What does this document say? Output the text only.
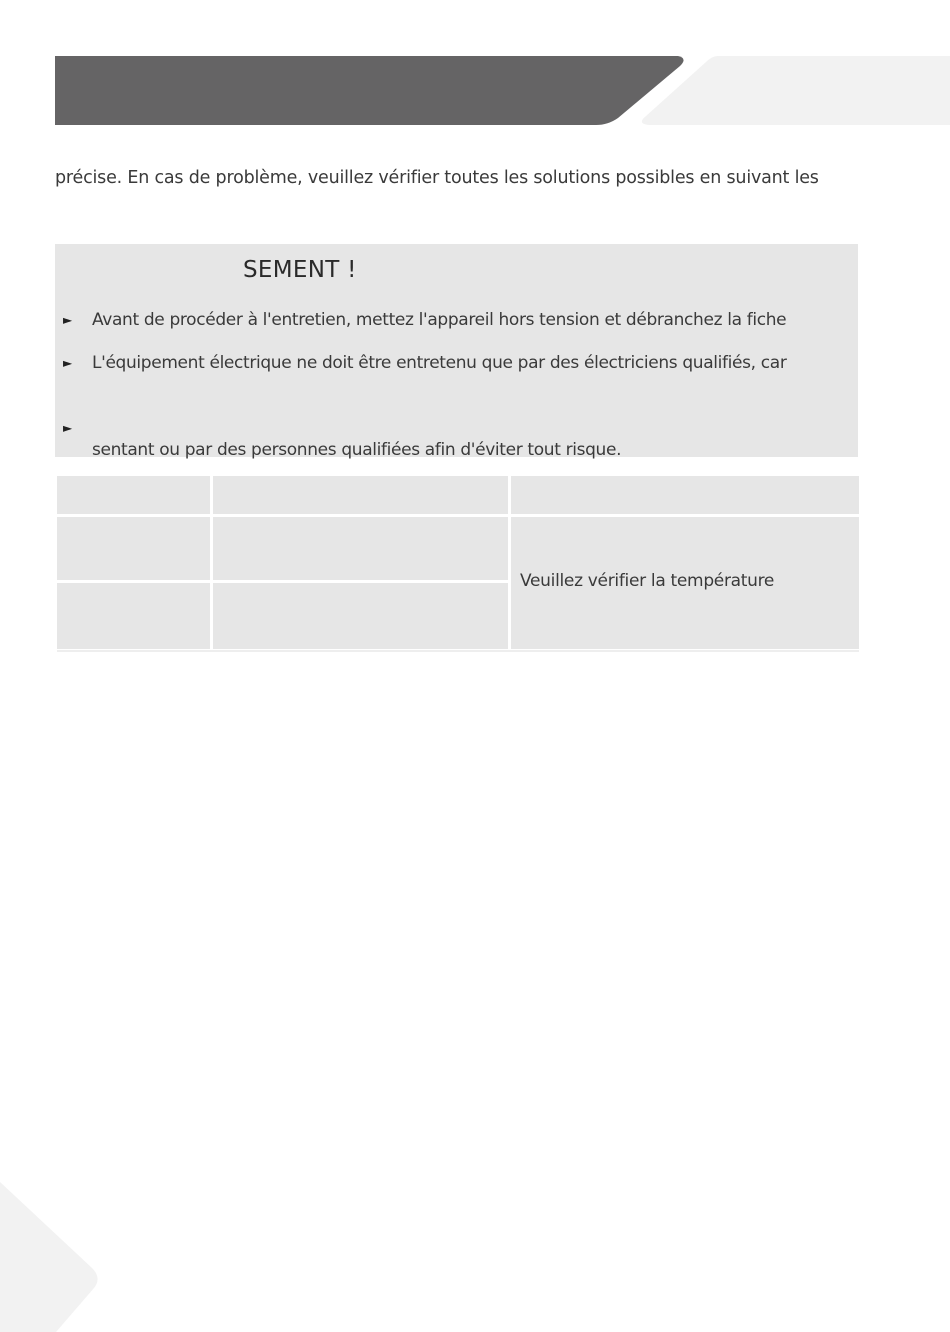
précise. En cas de problème, veuillez vérifier toutes les solutions possibles en suivant les
SEMENT !
► Avant de procéder à l'entretien, mettez l'appareil hors tension et débranchez la fiche
► L'équipement électrique ne doit être entretenu que par des électriciens qualifiés, car
►
sentant ou par des personnes qualifiées afin d'éviter tout risque.
Veuillez vérifier la température
